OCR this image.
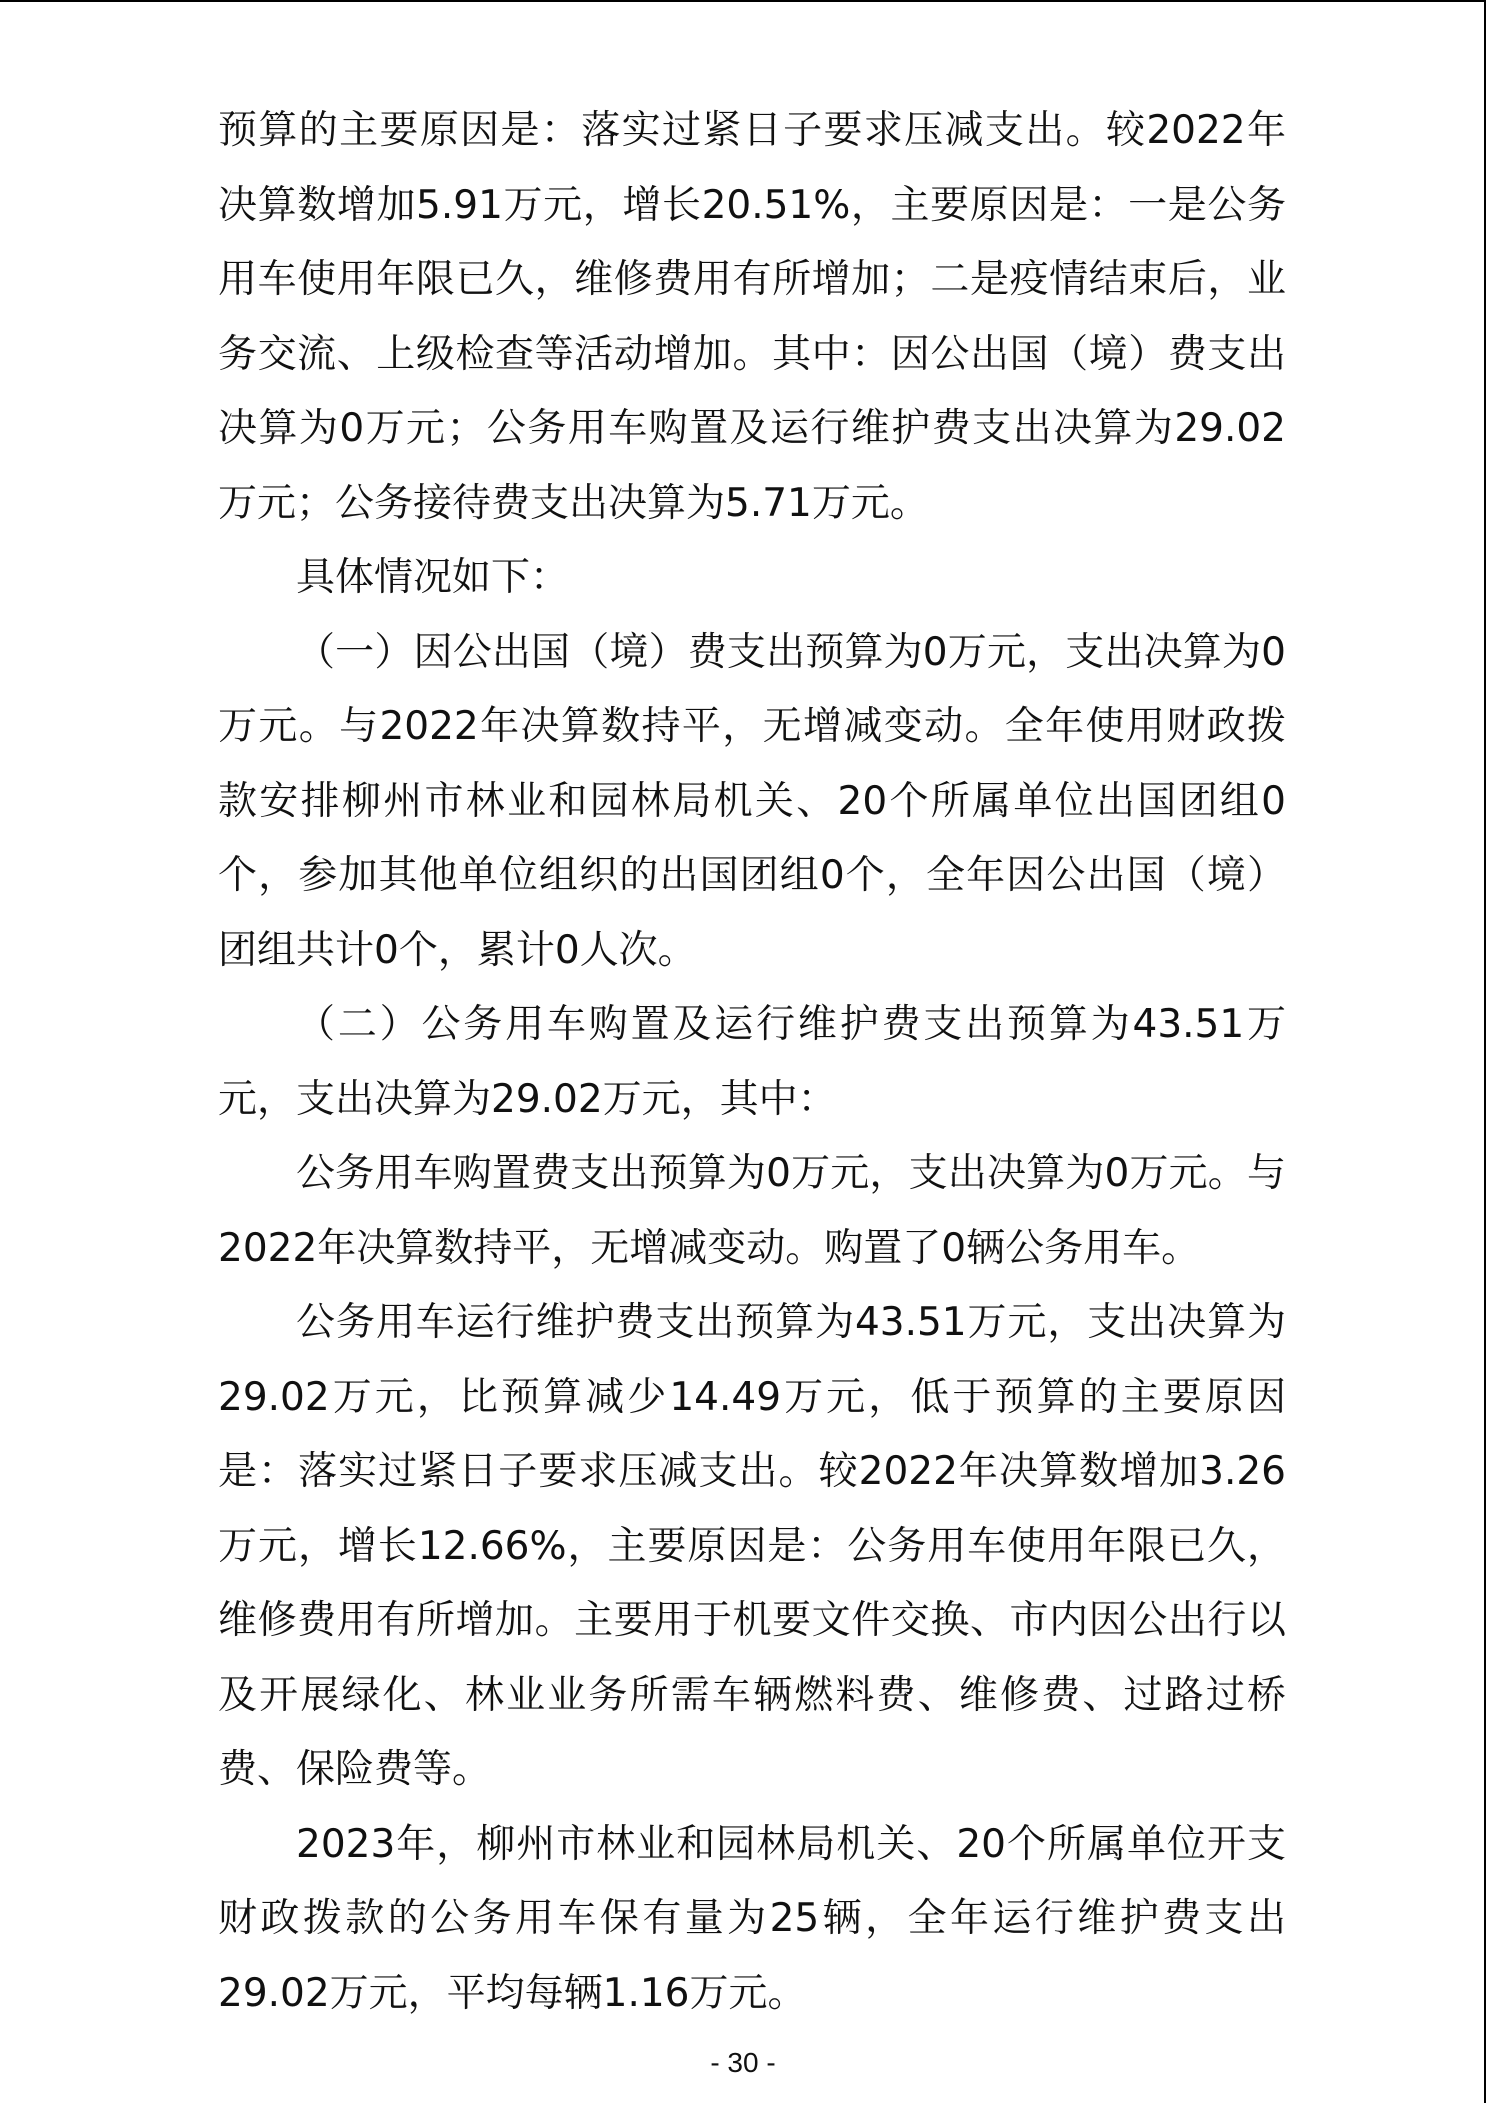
预算的主要原因是：落实过紧日子要求压减支出。较2022年决算数增加5.91万元，增长20.51%，主要原因是：一是公务用车使用年限已久，维修费用有所增加；二是疫情结束后，业务交流、上级检查等活动增加。其中：因公出国（境）费支出决算为0万元；公务用车购置及运行维护费支出决算为29.02万元；公务接待费支出决算为5.71万元。

具体情况如下：

（一）因公出国（境）费支出预算为0万元，支出决算为0万元。与2022年决算数持平，无增减变动。全年使用财政拨款安排柳州市林业和园林局机关、20个所属单位出国团组0个，参加其他单位组织的出国团组0个，全年因公出国（境）团组共计0个，累计0人次。

（二）公务用车购置及运行维护费支出预算为43.51万元，支出决算为29.02万元，其中：

公务用车购置费支出预算为0万元，支出决算为0万元。与2022年决算数持平，无增减变动。购置了0辆公务用车。

公务用车运行维护费支出预算为43.51万元，支出决算为29.02万元，比预算减少14.49万元，低于预算的主要原因是：落实过紧日子要求压减支出。较2022年决算数增加3.26万元，增长12.66%，主要原因是：公务用车使用年限已久，维修费用有所增加。主要用于机要文件交换、市内因公出行以及开展绿化、林业业务所需车辆燃料费、维修费、过路过桥费、保险费等。

2023年，柳州市林业和园林局机关、20个所属单位开支财政拨款的公务用车保有量为25辆，全年运行维护费支出29.02万元，平均每辆1.16万元。

- 30 -
